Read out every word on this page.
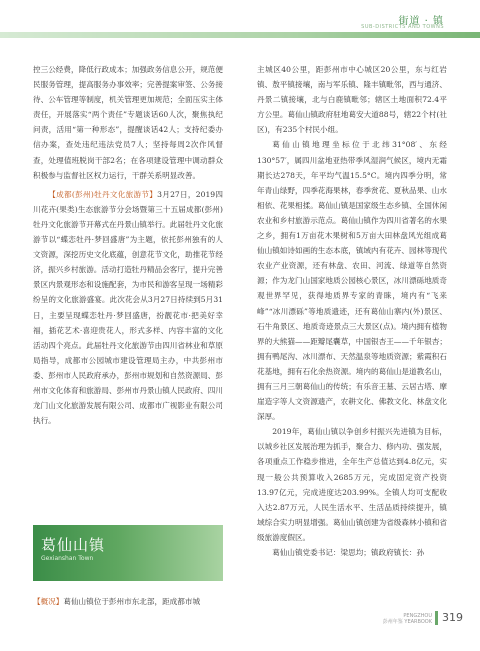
街道 · 镇
SUB-DISTRICTS AND TOWNS

控三公经费，降低行政成本；加强政务信息公开，规范便民服务管理，提高服务办事效率；完善提案审签、公务接待、公车管理等制度，机关管理更加规范；全面压实主体责任，开展落实“两个责任”专题谈话60人次，聚焦执纪问责，活用“第一种形态”，提醒谈话42人；支持纪委办信办案，查处违纪违法党员7人；坚持每周2次作风督查，处理值班脱岗干部2名；在各项建设管理中调动群众积极参与监督社区权力运行，干群关系明显改善。

【成都(彭州)牡丹文化旅游节】3月27日，2019四川花卉(果类)生态旅游节分会场暨第三十五届成都(彭州)牡丹文化旅游节开幕式在丹景山镇举行。此届牡丹文化旅游节以“蝶恋牡丹·梦回盛唐”为主题，依托彭州独有的人文资源，深挖历史文化底蕴，创意花节文化，助推花节经济，振兴乡村旅游。活动打造牡丹精品会客厅，提升完善景区内景观形态和设施配套，为市民和游客呈现一场精彩纷呈的文化旅游盛宴。此次花会从3月27日持续到5月31日，主要呈现蝶恋牡丹·梦回盛唐，扮靓花市·把美好幸福，插花艺术·喜迎贵花人，形式多样、内容丰富的文化活动四个亮点。此届牡丹文化旅游节由四川省林业和草原局指导，成都市公园城市建设管理局主办，中共彭州市委、彭州市人民政府承办，彭州市规划和自然资源局、彭州市文化体育和旅游局、彭州市丹景山镇人民政府、四川龙门山文化旅游发展有限公司、成都市广视影业有限公司执行。

葛仙山镇
Gexianshan Town
【概况】葛仙山镇位于彭州市东北部，距成都市城

主城区40公里，距彭州市中心城区20公里，东与红岩镇、敖平镇接壤，南与军乐镇、隆丰镇毗邻，西与通济、丹景二镇接壤，北与白鹿镇毗邻；辖区土地面积72.4平方公里。葛仙山镇政府驻地葛安大道88号，辖22个村(社区)，有235个村民小组。

葛仙山镇地理坐标位于北纬31°08′、东经130°57′，属四川盆地亚热带季风湿润气候区，境内无霜期长达278天，年平均气温15.5°C。境内四季分明，常年青山绿野，四季花海果林，春季赏花、夏秋品果、山水相依、花果相揉。葛仙山镇是国家级生态乡镇、全国休闲农业和乡村旅游示范点。葛仙山镇作为四川省著名的水果之乡，拥有1万亩花木果树和5万亩大田林盘风光组成葛仙山镇如诗如画的生态本底，镇域内有花卉、园林等现代农业产业资源，还有林盘、农田、河流、绿道等自然资源；作为龙门山国家地质公园核心景区，冰川漂砾地质奇观世界罕见，获得地质界专家的青睐，境内有“飞来峰”“冰川漂砾”等地质遗迹，还有葛仙山寨内(外)景区、石牛角景区、地质奇迹景点三大景区(点)。境内拥有植物界的大熊猫——距瓣尾囊草，中国银杏王——千年银杏；拥有鸭尾沟、冰川漂布、天然温泉等地质资源；紫霞积石花基地，拥有石化余热资源。境内的葛仙山是道教名山，拥有三月三朝葛仙山的传统；有乐音王墓、云居古塔、摩崖造字等人文资源遗产，农耕文化、佛教文化、林盘文化深厚。

2019年，葛仙山镇以争创乡村振兴先进镇为目标，以城乡社区发展治理为抓手，聚合力、修内功、强发展，各项重点工作稳步推进，全年生产总值达到4.8亿元，实现一般公共预算收入2685万元，完成固定资产投资13.97亿元，完成进度达203.99%。全镇人均可支配收入达2.87万元，人民生活水平、生活品质持续提升，镇域综合实力明显增强。葛仙山镇创建为省级森林小镇和省级旅游度假区。

葛仙山镇党委书记：梁思均；镇政府镇长：孙

PENGZHOU
彭州年鉴 YEARBOOK 319
